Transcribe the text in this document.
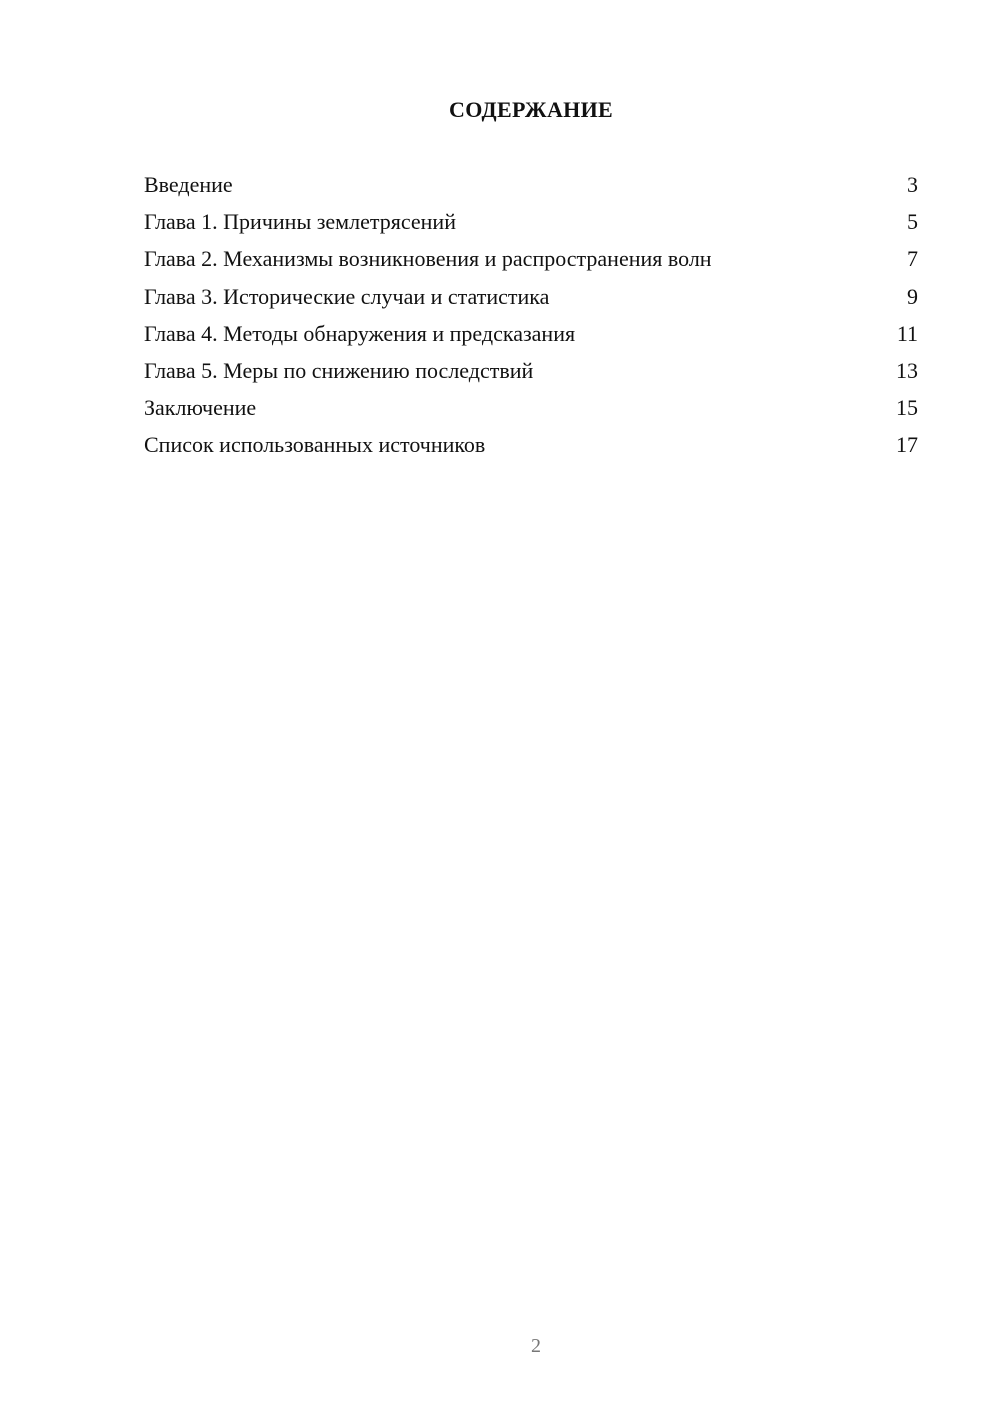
СОДЕРЖАНИЕ
Введение	3
Глава 1. Причины землетрясений	5
Глава 2. Механизмы возникновения и распространения волн	7
Глава 3. Исторические случаи и статистика	9
Глава 4. Методы обнаружения и предсказания	11
Глава 5. Меры по снижению последствий	13
Заключение	15
Список использованных источников	17
2
